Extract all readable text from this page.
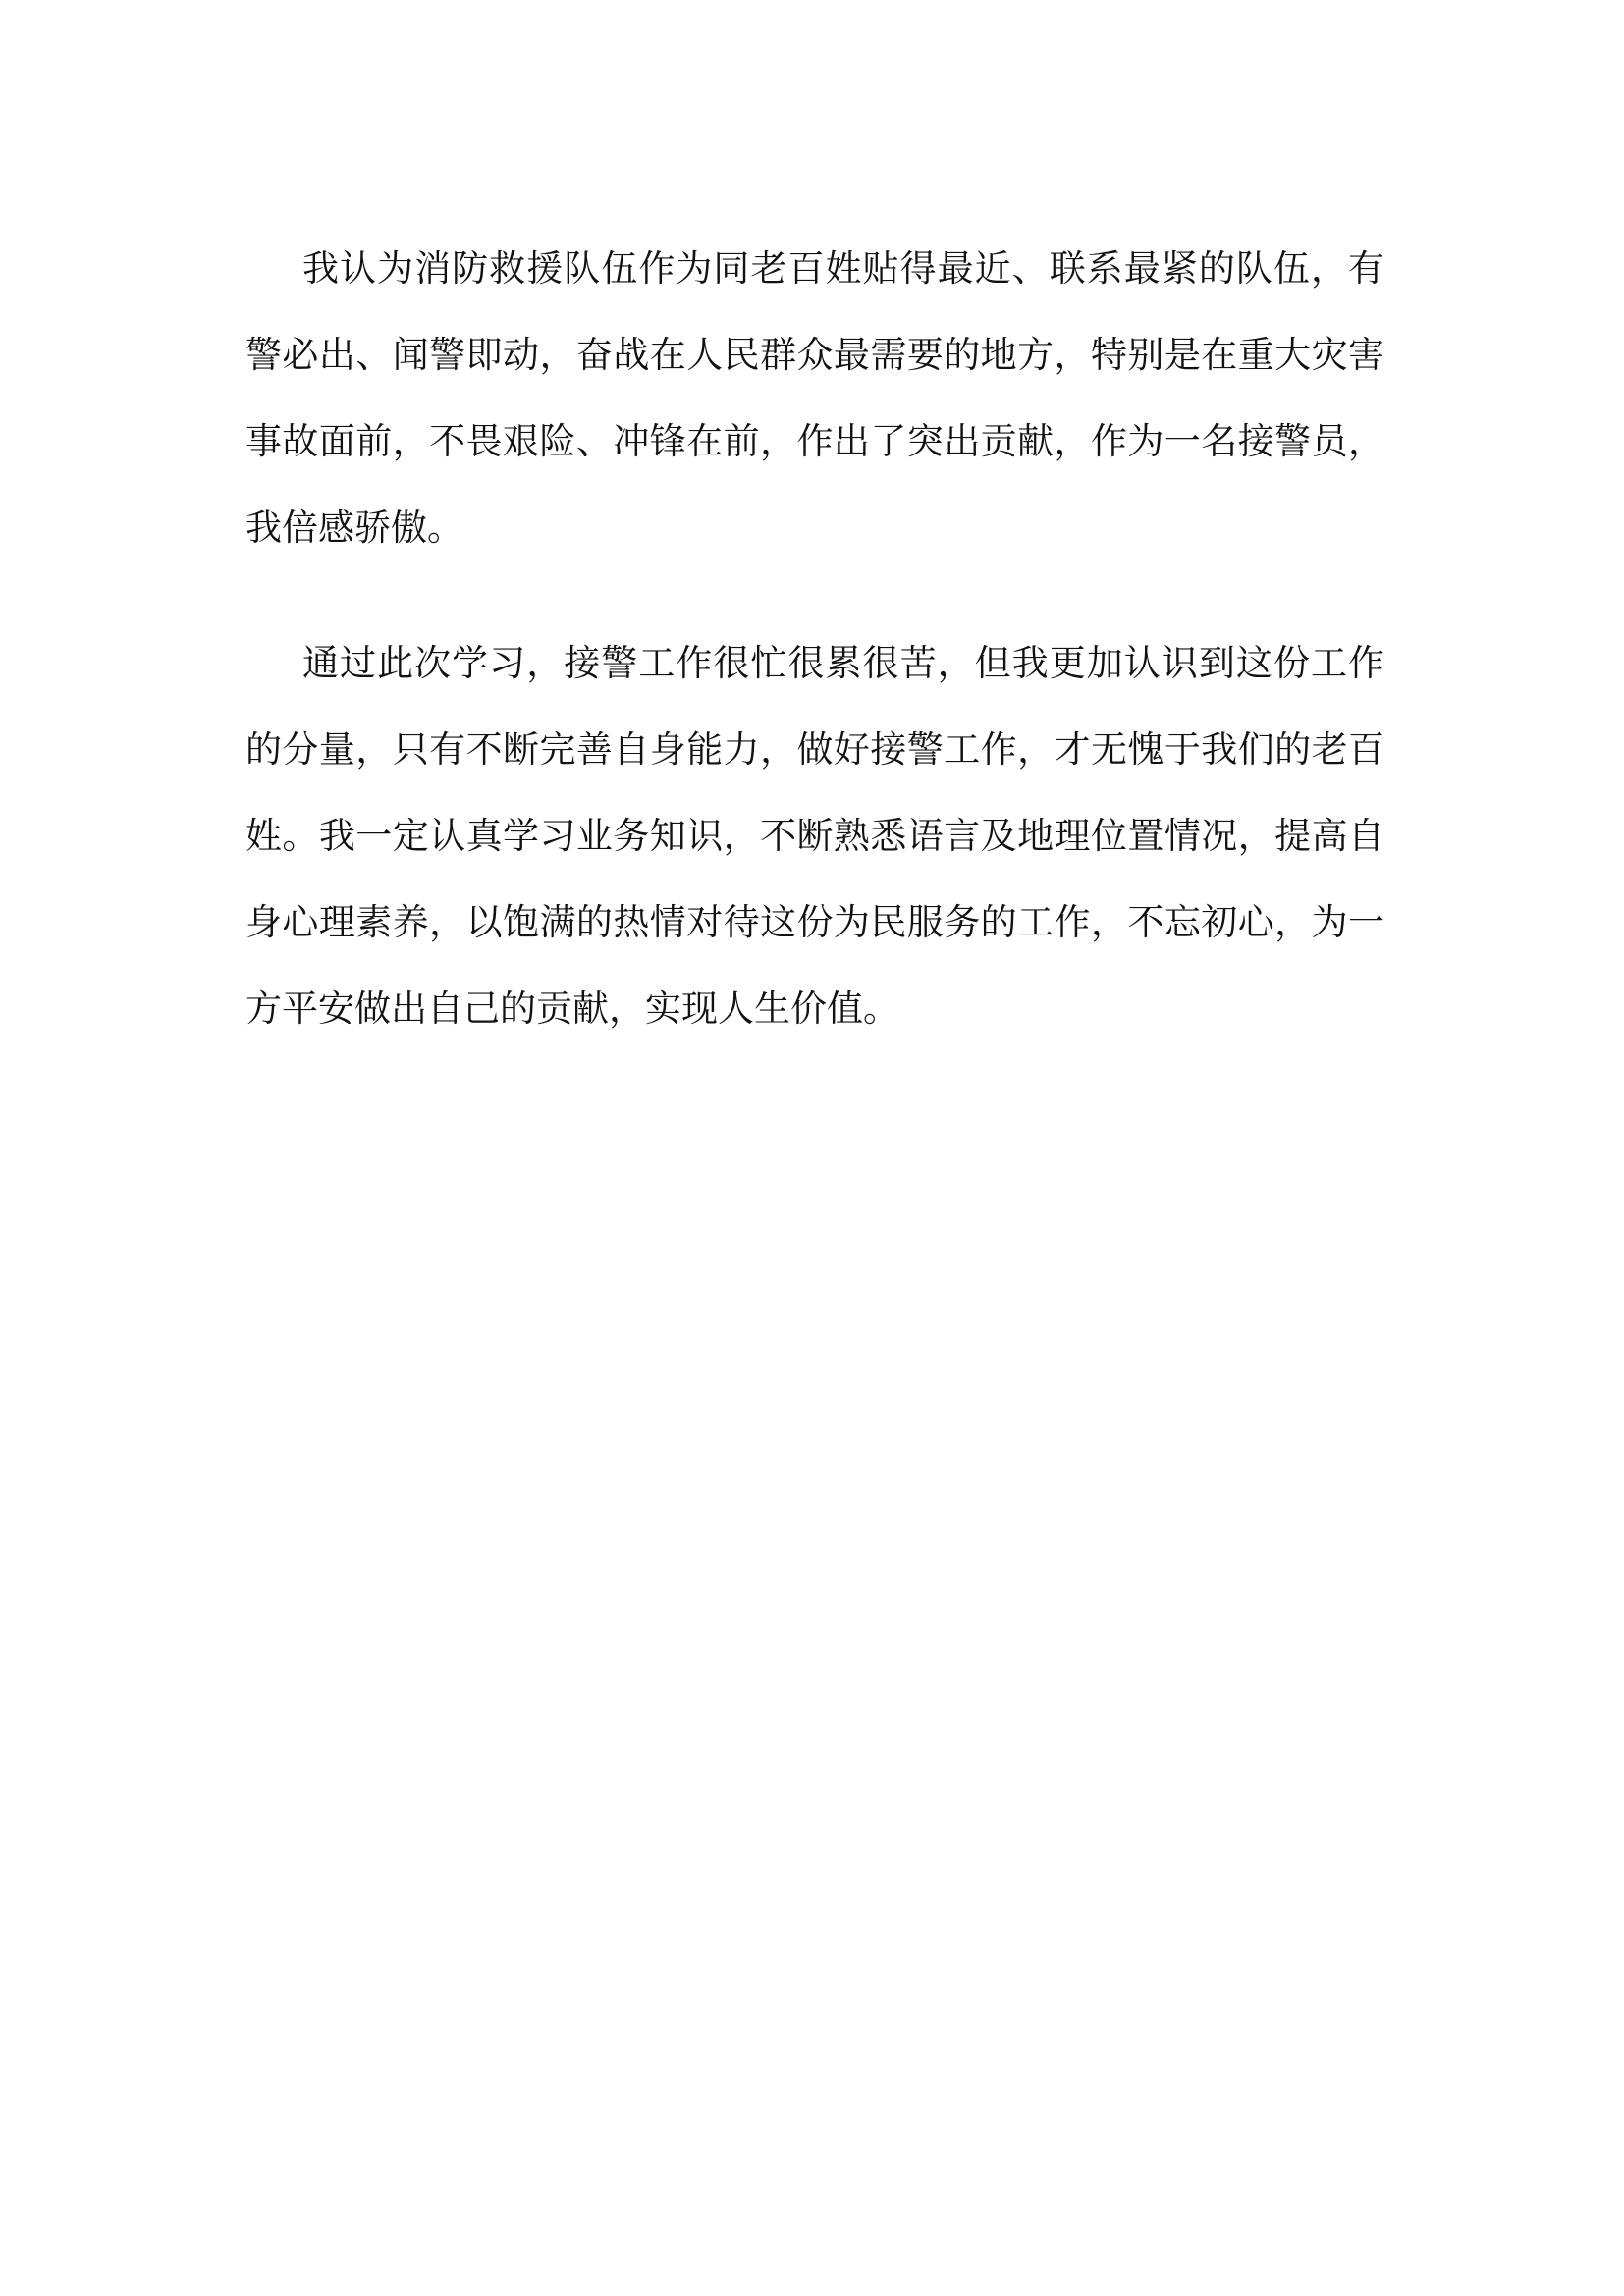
我认为消防救援队伍作为同老百姓贴得最近、联系最紧的队伍，有警必出、闻警即动，奋战在人民群众最需要的地方，特别是在重大灾害事故面前，不畏艰险、冲锋在前，作出了突出贡献，作为一名接警员，我倍感骄傲。

通过此次学习，接警工作很忙很累很苦，但我更加认识到这份工作的分量，只有不断完善自身能力，做好接警工作，才无愧于我们的老百姓。我一定认真学习业务知识，不断熟悉语言及地理位置情况，提高自身心理素养，以饱满的热情对待这份为民服务的工作，不忘初心，为一方平安做出自己的贡献，实现人生价值。
